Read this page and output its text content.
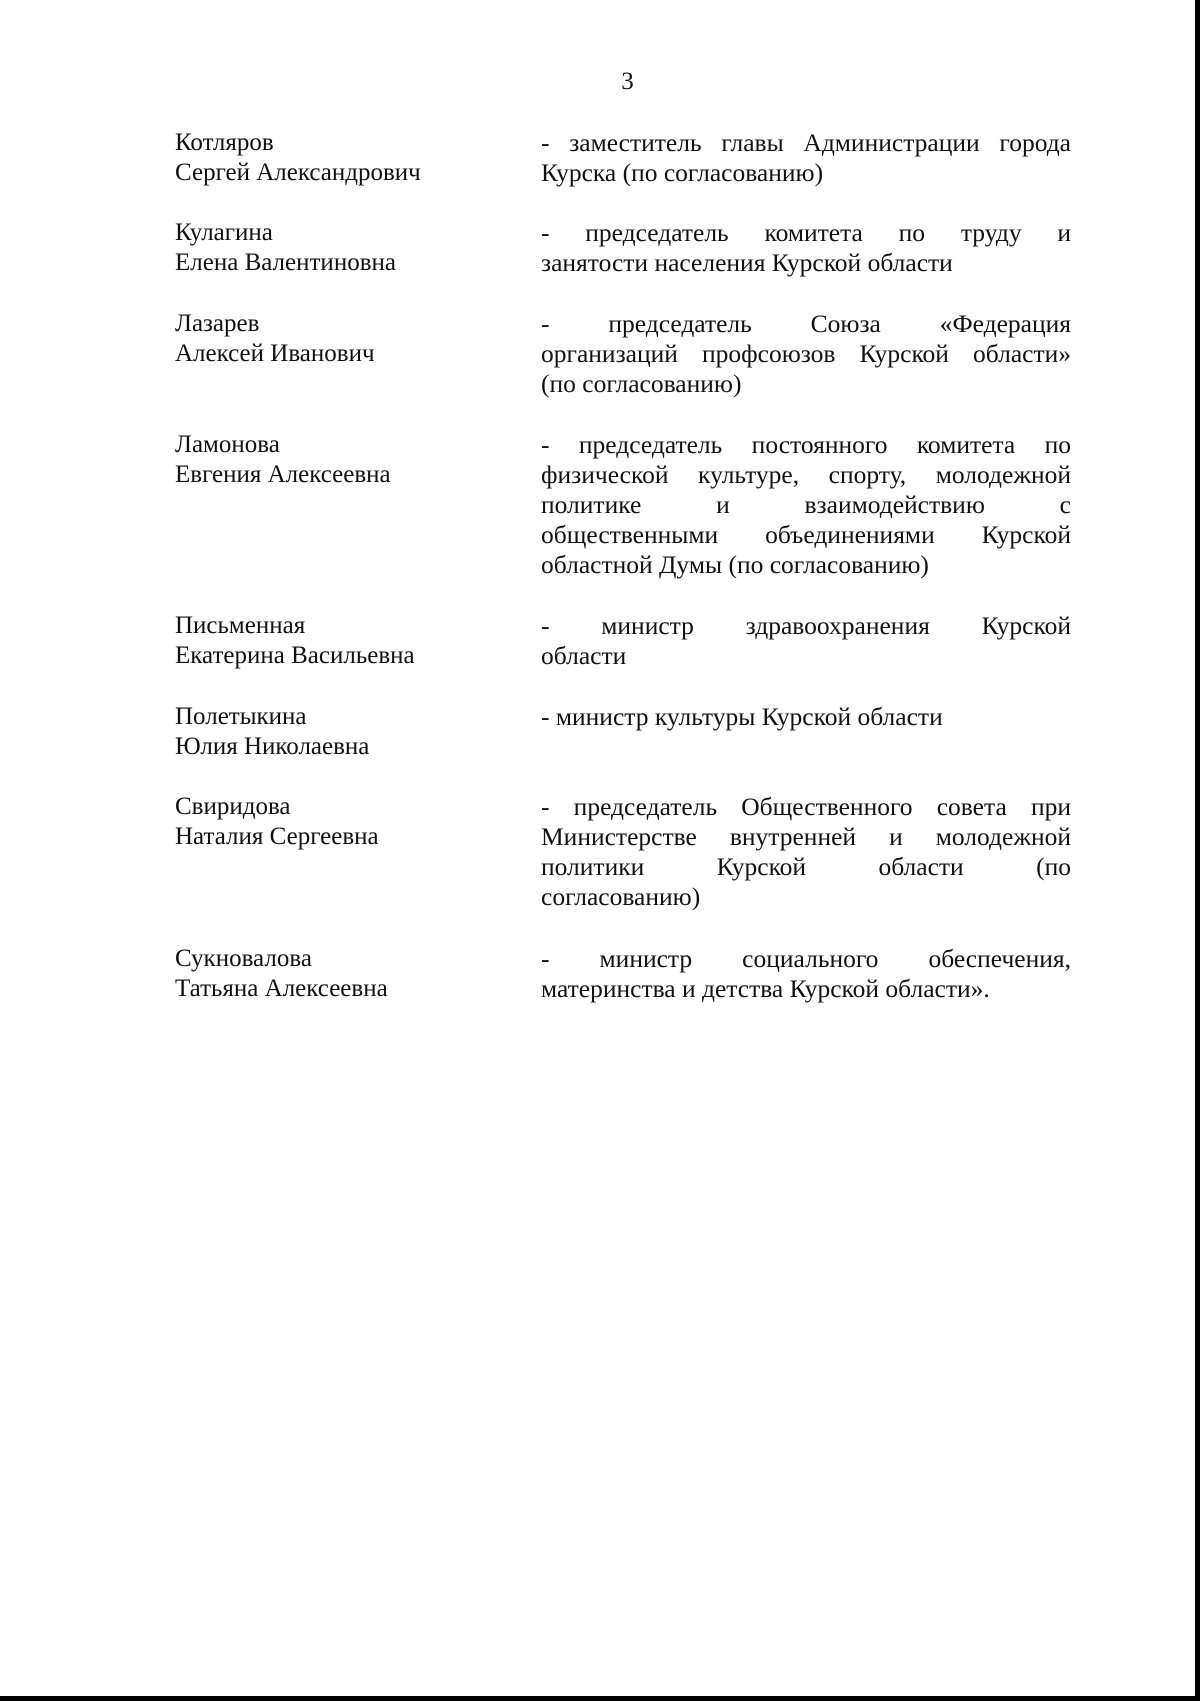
3
Котляров
Сергей Александрович
- заместитель главы Администрации города
Курска (по согласованию)
Кулагина
Елена Валентиновна
- председатель комитета по труду и
занятости населения Курской области
Лазарев
Алексей Иванович
- председатель Союза «Федерация
организаций профсоюзов Курской области»
(по согласованию)
Ламонова
Евгения Алексеевна
- председатель постоянного комитета по
физической культуре, спорту, молодежной
политике и взаимодействию с
общественными объединениями Курской
областной Думы (по согласованию)
Письменная
Екатерина Васильевна
- министр здравоохранения Курской
области
Полетыкина
Юлия Николаевна
- министр культуры Курской области
Свиридова
Наталия Сергеевна
- председатель Общественного совета при
Министерстве внутренней и молодежной
политики Курской области (по
согласованию)
Сукновалова
Татьяна Алексеевна
- министр социального обеспечения,
материнства и детства Курской области».
